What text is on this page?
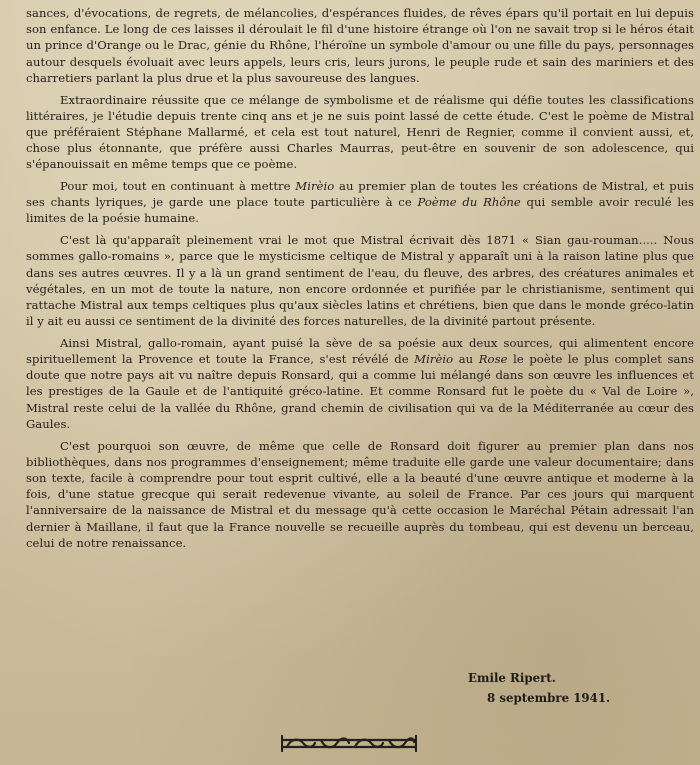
sances, d'évocations, de regrets, de mélancolies, d'espérances fluides, de rêves épars qu'il portait en lui depuis son enfance. Le long de ces laisses il déroulait le fil d'une histoire étrange où l'on ne savait trop si le héros était un prince d'Orange ou le Drac, génie du Rhône, l'héroïne un symbole d'amour ou une fille du pays, personnages autour desquels évoluait avec leurs appels, leurs cris, leurs jurons, le peuple rude et sain des mariniers et des charretiers parlant la plus drue et la plus savoureuse des langues.

Extraordinaire réussite que ce mélange de symbolisme et de réalisme qui défie toutes les classifications littéraires, je l'étudie depuis trente cinq ans et je ne suis point lassé de cette étude. C'est le poème de Mistral que préféraient Stéphane Mallarmé, et cela est tout naturel, Henri de Regnier, comme il convient aussi, et, chose plus étonnante, que préfère aussi Charles Maurras, peut-être en souvenir de son adolescence, qui s'épanouissait en même temps que ce poème.

Pour moi, tout en continuant à mettre Mirèio au premier plan de toutes les créations de Mistral, et puis ses chants lyriques, je garde une place toute particulière à ce Poème du Rhône qui semble avoir reculé les limites de la poésie humaine.

C'est là qu'apparaît pleinement vrai le mot que Mistral écrivait dès 1871 « Sian gau-rouman..... Nous sommes gallo-romains », parce que le mysticisme celtique de Mistral y apparaît uni à la raison latine plus que dans ses autres œuvres. Il y a là un grand sentiment de l'eau, du fleuve, des arbres, des créatures animales et végétales, en un mot de toute la nature, non encore ordonnée et purifiée par le christianisme, sentiment qui rattache Mistral aux temps celtiques plus qu'aux siècles latins et chrétiens, bien que dans le monde gréco-latin il y ait eu aussi ce sentiment de la divinité des forces naturelles, de la divinité partout présente.

Ainsi Mistral, gallo-romain, ayant puisé la sève de sa poésie aux deux sources, qui alimentent encore spirituellement la Provence et toute la France, s'est révélé de Mirèio au Rose le poète le plus complet sans doute que notre pays ait vu naître depuis Ronsard, qui a comme lui mélangé dans son œuvre les influences et les prestiges de la Gaule et de l'antiquité gréco-latine. Et comme Ronsard fut le poète du « Val de Loire », Mistral reste celui de la vallée du Rhône, grand chemin de civilisation qui va de la Méditerranée au cœur des Gaules.

C'est pourquoi son œuvre, de même que celle de Ronsard doit figurer au premier plan dans nos bibliothèques, dans nos programmes d'enseignement; même traduite elle garde une valeur documentaire; dans son texte, facile à comprendre pour tout esprit cultivé, elle a la beauté d'une œuvre antique et moderne à la fois, d'une statue grecque qui serait redevenue vivante, au soleil de France. Par ces jours qui marquent l'anniversaire de la naissance de Mistral et du message qu'à cette occasion le Maréchal Pétain adressait l'an dernier à Maillane, il faut que la France nouvelle se recueille auprès du tombeau, qui est devenu un berceau, celui de notre renaissance.

Emile Ripert.
8 septembre 1941.
